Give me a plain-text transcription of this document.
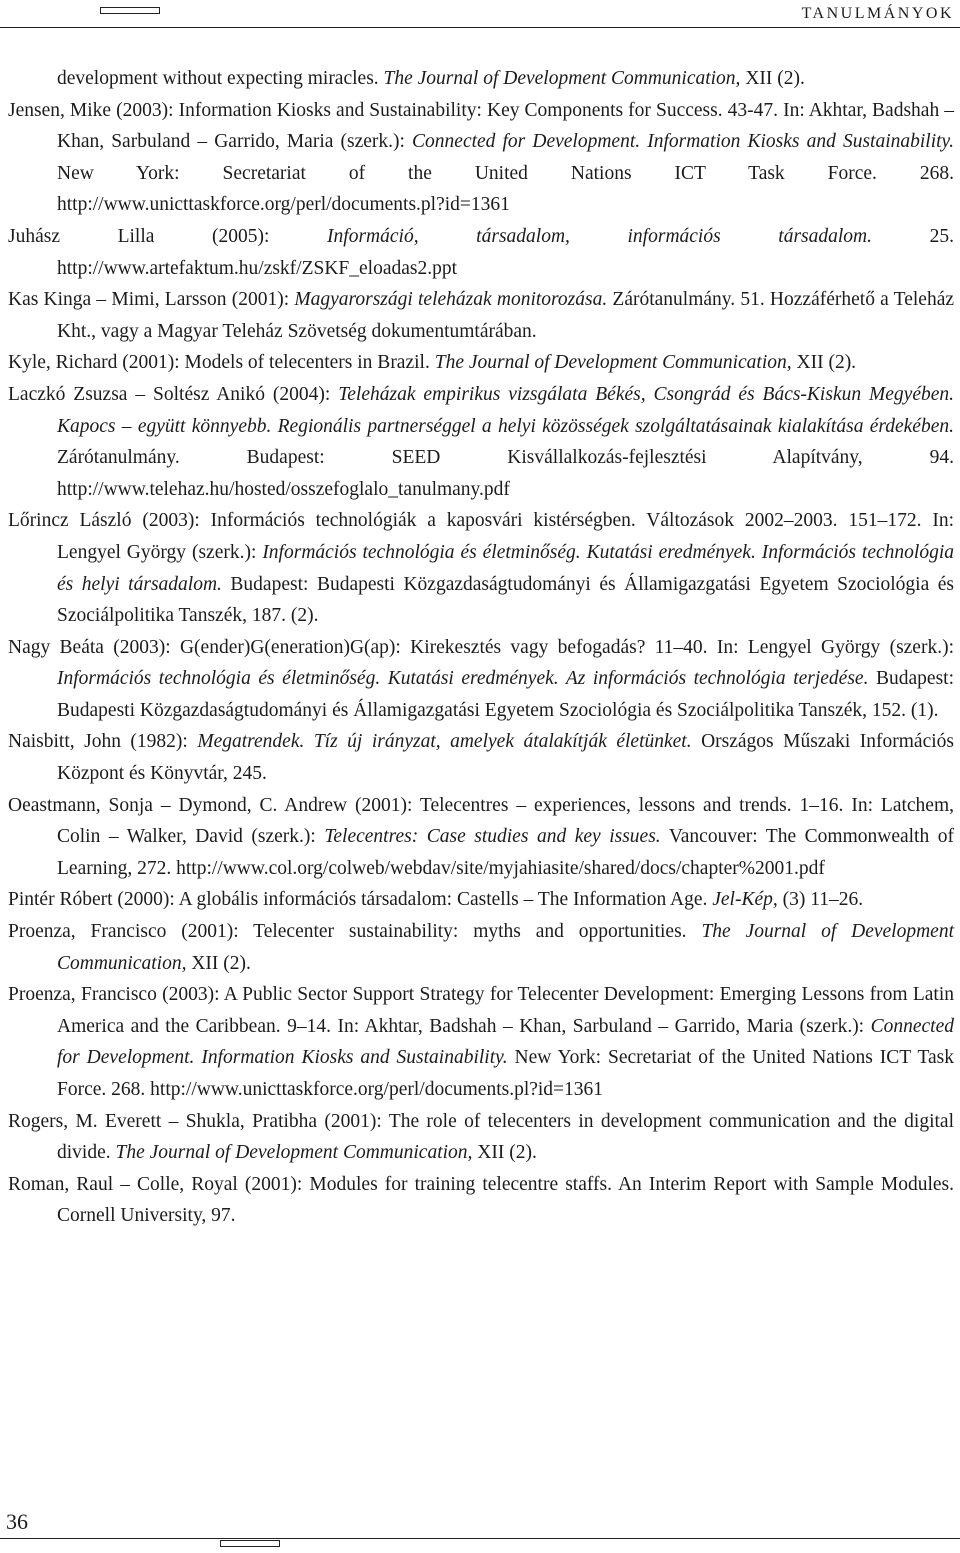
TANULMÁNYOK

development without expecting miracles. The Journal of Development Communication, XII (2).

Jensen, Mike (2003): Information Kiosks and Sustainability: Key Components for Success. 43-47. In: Akhtar, Badshah – Khan, Sarbuland – Garrido, Maria (szerk.): Connected for Development. Information Kiosks and Sustainability. New York: Secretariat of the United Nations ICT Task Force. 268. http://www.unicttaskforce.org/perl/documents.pl?id=1361

Juhász Lilla (2005): Információ, társadalom, információs társadalom. 25. http://www.artefaktum.hu/zskf/ZSKF_eloadas2.ppt

Kas Kinga – Mimi, Larsson (2001): Magyarországi teleházak monitorozása. Zárótanulmány. 51. Hozzáférhető a Teleház Kht., vagy a Magyar Teleház Szövetség dokumentumtárában.

Kyle, Richard (2001): Models of telecenters in Brazil. The Journal of Development Communication, XII (2).

Laczkó Zsuzsa – Soltész Anikó (2004): Teleházak empirikus vizsgálata Békés, Csongrád és Bács-Kiskun Megyében. Kapocs – együtt könnyebb. Regionális partnerséggel a helyi közösségek szolgáltatásainak kialakítása érdekében. Zárótanulmány. Budapest: SEED Kisvállalkozás-fejlesztési Alapítvány, 94. http://www.telehaz.hu/hosted/osszefoglalo_tanulmany.pdf

Lőrincz László (2003): Információs technológiák a kaposvári kistérségben. Változások 2002–2003. 151–172. In: Lengyel György (szerk.): Információs technológia és életminőség. Kutatási eredmények. Információs technológia és helyi társadalom. Budapest: Budapesti Közgazdaságtudományi és Államigazgatási Egyetem Szociológia és Szociálpolitika Tanszék, 187. (2).

Nagy Beáta (2003): G(ender)G(eneration)G(ap): Kirekesztés vagy befogadás? 11–40. In: Lengyel György (szerk.): Információs technológia és életminőség. Kutatási eredmények. Az információs technológia terjedése. Budapest: Budapesti Közgazdaságtudományi és Államigazgatási Egyetem Szociológia és Szociálpolitika Tanszék, 152. (1).

Naisbitt, John (1982): Megatrendek. Tíz új irányzat, amelyek átalakítják életünket. Országos Műszaki Információs Központ és Könyvtár, 245.

Oeastmann, Sonja – Dymond, C. Andrew (2001): Telecentres – experiences, lessons and trends. 1–16. In: Latchem, Colin – Walker, David (szerk.): Telecentres: Case studies and key issues. Vancouver: The Commonwealth of Learning, 272. http://www.col.org/colweb/webdav/site/myjahiasite/shared/docs/chapter%2001.pdf

Pintér Róbert (2000): A globális információs társadalom: Castells – The Information Age. Jel-Kép, (3) 11–26.

Proenza, Francisco (2001): Telecenter sustainability: myths and opportunities. The Journal of Development Communication, XII (2).

Proenza, Francisco (2003): A Public Sector Support Strategy for Telecenter Development: Emerging Lessons from Latin America and the Caribbean. 9–14. In: Akhtar, Badshah – Khan, Sarbuland – Garrido, Maria (szerk.): Connected for Development. Information Kiosks and Sustainability. New York: Secretariat of the United Nations ICT Task Force. 268. http://www.unicttaskforce.org/perl/documents.pl?id=1361

Rogers, M. Everett – Shukla, Pratibha (2001): The role of telecenters in development communication and the digital divide. The Journal of Development Communication, XII (2).

Roman, Raul – Colle, Royal (2001): Modules for training telecentre staffs. An Interim Report with Sample Modules. Cornell University, 97.

36
